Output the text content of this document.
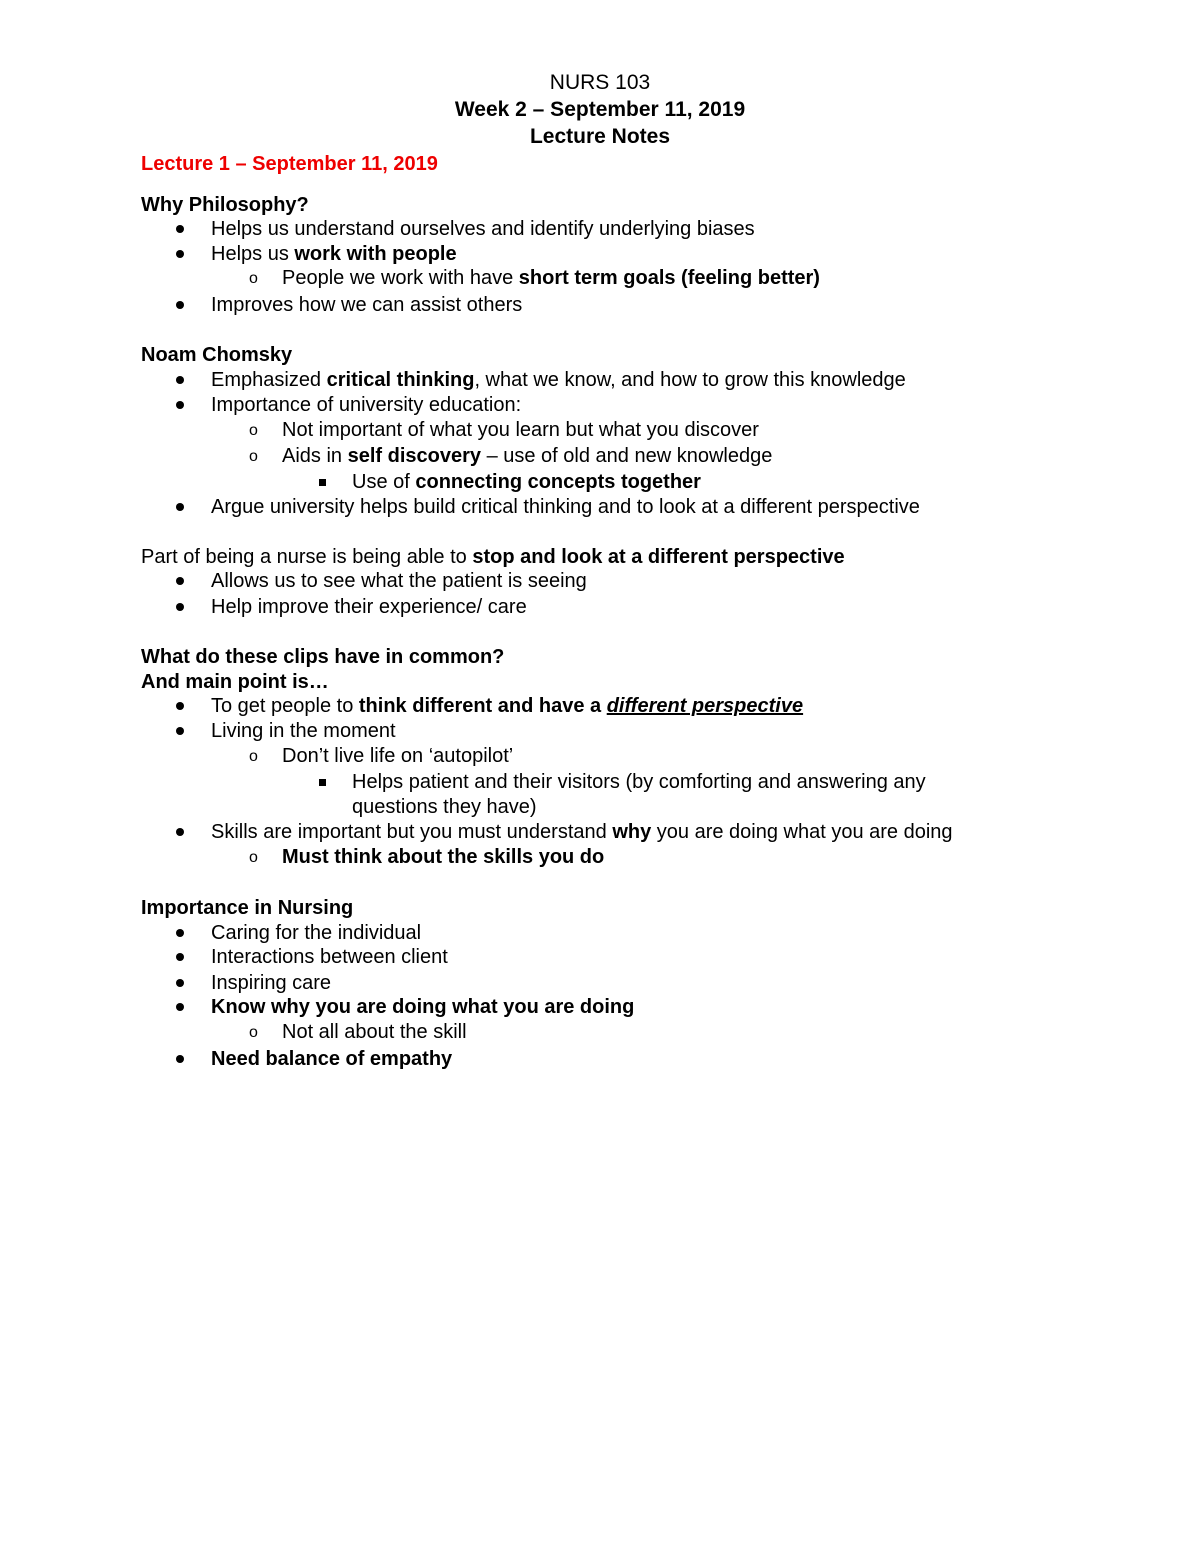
NURS 103
Week 2 – September 11, 2019
Lecture Notes
Lecture 1 – September 11, 2019
Why Philosophy?
Helps us understand ourselves and identify underlying biases
Helps us work with people
o People we work with have short term goals (feeling better)
Improves how we can assist others
Noam Chomsky
Emphasized critical thinking, what we know, and how to grow this knowledge
Importance of university education:
o Not important of what you learn but what you discover
o Aids in self discovery – use of old and new knowledge
Use of connecting concepts together
Argue university helps build critical thinking and to look at a different perspective
Part of being a nurse is being able to stop and look at a different perspective
Allows us to see what the patient is seeing
Help improve their experience/ care
What do these clips have in common?
And main point is…
To get people to think different and have a different perspective
Living in the moment
o Don’t live life on ‘autopilot’
Helps patient and their visitors (by comforting and answering any
questions they have)
Skills are important but you must understand why you are doing what you are doing
o Must think about the skills you do
Importance in Nursing
Caring for the individual
Interactions between client
Inspiring care
Know why you are doing what you are doing
o Not all about the skill
Need balance of empathy
